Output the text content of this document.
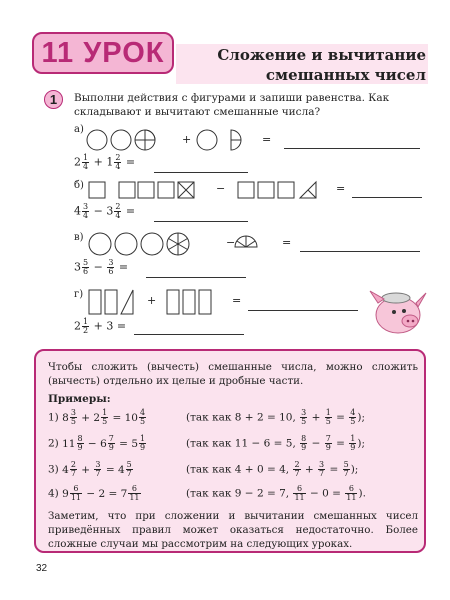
11 УРОК	Сложение и вычитание
смешанных чисел
1	Выполни действия с фигурами и запиши равенства. Как складывают и вычитают смешанные числа?
а)
+	=
$2 \frac{1}{4} + 1 \frac{2}{4}$ =
б)	−	=
$4 \frac{3}{4} - 3 \frac{2}{4}$ =
в)	−	=
$3 \frac{5}{6} - \frac{3}{6}$ =
г)	+	=
$2 \frac{1}{2} + 3$ =
Чтобы сложить (вычесть) смешанные числа, можно сложить (вычесть) отдельно их целые и дробные части.
Примеры:
1) $8 \frac{3}{5} + 2 \frac{1}{5} = 10 \frac{4}{5}$	(так как 8 + 2 = 10, $\frac{3}{5} + \frac{1}{5} = \frac{4}{5}$ );
2) $11 \frac{8}{9} - 6 \frac{7}{9} = 5 \frac{1}{9}$	(так как 11 − 6 = 5, $\frac{8}{9} - \frac{7}{9} = \frac{1}{9}$ );
3) $4 \frac{2}{7} + \frac{3}{7} = 4 \frac{5}{7}$	(так как 4 + 0 = 4, $\frac{2}{7} + \frac{3}{7} = \frac{5}{7}$ );
4) $9 \frac{6}{11} - 2 = 7 \frac{6}{11}$	(так как 9 − 2 = 7, $\frac{6}{11} - 0 = \frac{6}{11}$ ).
Заметим, что при сложении и вычитании смешанных чисел приведённых правил может оказаться недостаточно. Более сложные случаи мы рассмотрим на следующих уроках.
32
